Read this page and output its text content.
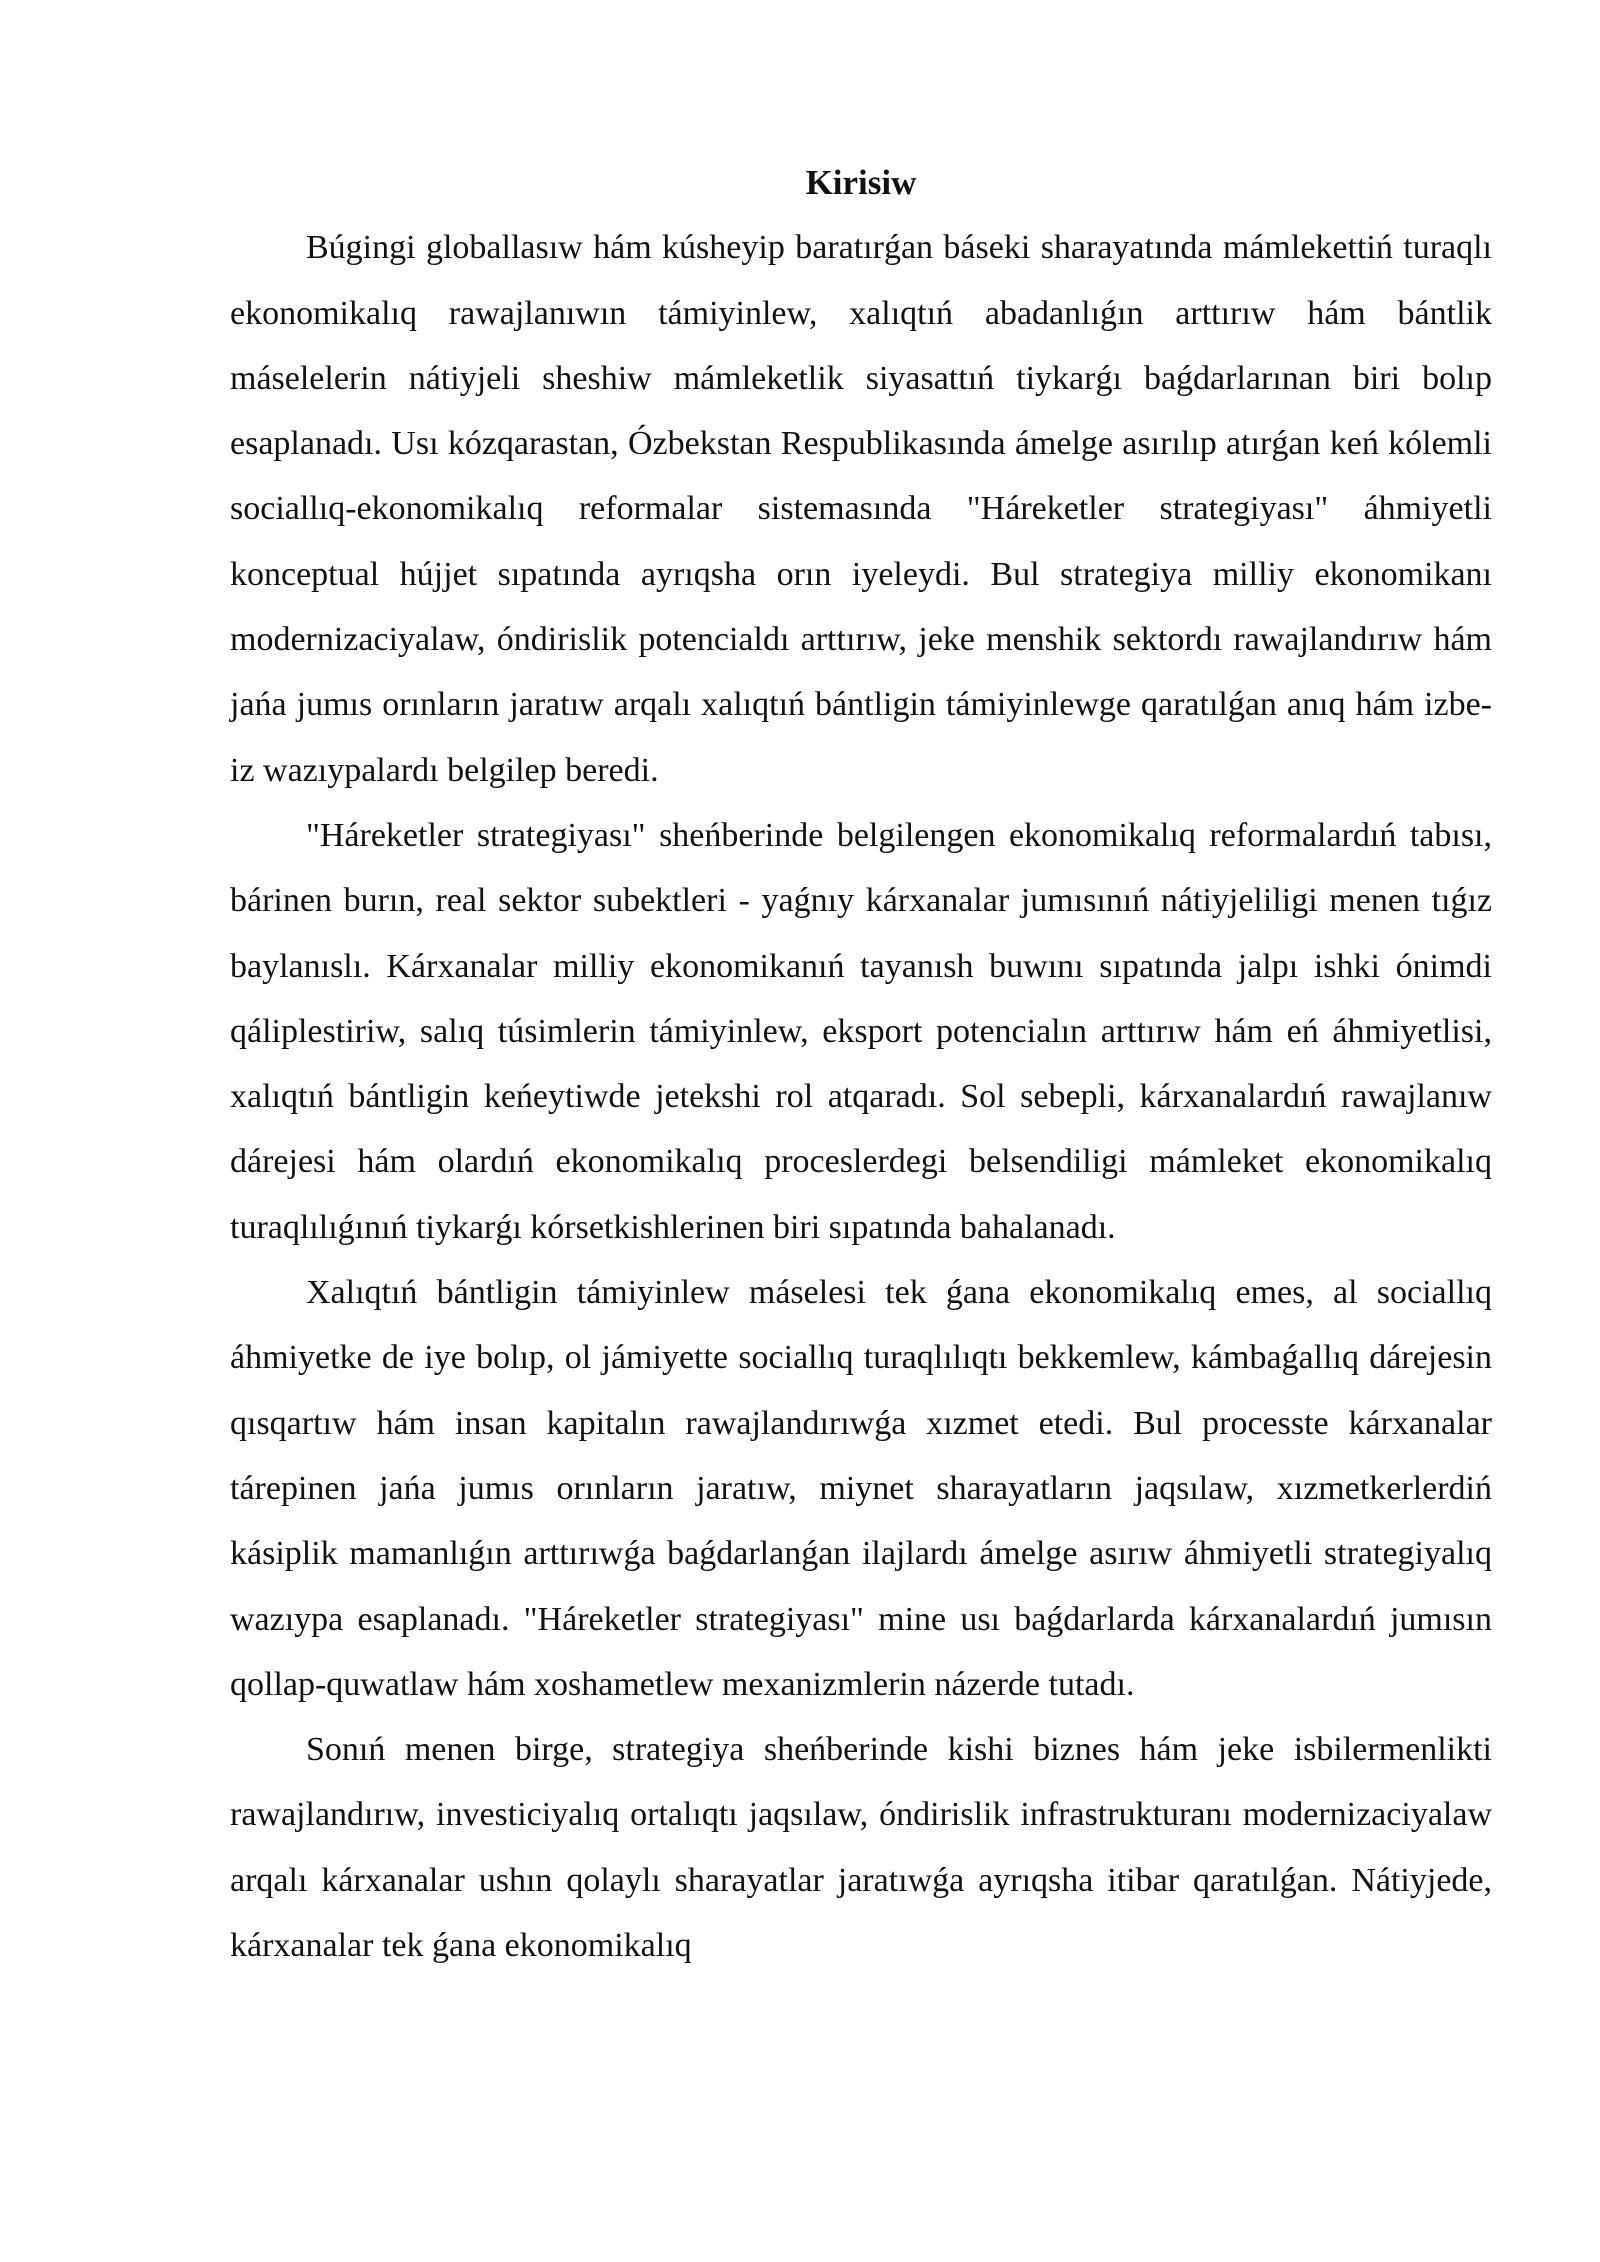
Kirisiw

Búgingi globallasıw hám kúsheyip baratırǵan báseki sharayatında mámlekettiń turaqlı ekonomikalıq rawajlanıwın támiyinlew, xalıqtıń abadanlıǵın arttırıw hám bántlik máselelerin nátiyjeli sheshiw mámleketlik siyasattıń tiykarǵı baǵdarlarınan biri bolıp esaplanadı. Usı kózqarastan, Ózbekstan Respublikasında ámelge asırılıp atırǵan keń kólemli sociallıq-ekonomikalıq reformalar sistemasında "Háreketler strategiyası" áhmiyetli konceptual hújjet sıpatında ayrıqsha orın iyeleydi. Bul strategiya milliy ekonomikanı modernizaciyalaw, óndirislik potencialdı arttırıw, jeke menshik sektordı rawajlandırıw hám jańa jumıs orınların jaratıw arqalı xalıqtıń bántligin támiyinlewge qaratılǵan anıq hám izbe-iz wazıypalardı belgilep beredi.

"Háreketler strategiyası" sheńberinde belgilengen ekonomikalıq reformalardıń tabısı, bárinen burın, real sektor subektleri - yaǵnıy kárxanalar jumısınıń nátiyjeliligi menen tıǵız baylanıslı. Kárxanalar milliy ekonomikanıń tayanısh buwını sıpatında jalpı ishki ónimdi qáliplestiriw, salıq túsimlerin támiyinlew, eksport potencialın arttırıw hám eń áhmiyetlisi, xalıqtıń bántligin keńeytiwde jetekshi rol atqaradı. Sol sebepli, kárxanalardıń rawajlanıw dárejesi hám olardıń ekonomikalıq proceslerdegi belsendiligi mámleket ekonomikalıq turaqlılıǵınıń tiykarǵı kórsetkishlerinen biri sıpatında bahalanadı.

Xalıqtıń bántligin támiyinlew máselesi tek ǵana ekonomikalıq emes, al sociallıq áhmiyetke de iye bolıp, ol jámiyette sociallıq turaqlılıqtı bekkemlew, kámbaǵallıq dárejesin qısqartıw hám insan kapitalın rawajlandırıwǵa xızmet etedi. Bul processte kárxanalar tárepinen jańa jumıs orınların jaratıw, miynet sharayatların jaqsılaw, xızmetkerlerdiń kásiplik mamanlıǵın arttırıwǵa baǵdarlanǵan ilajlardı ámelge asırıw áhmiyetli strategiyalıq wazıypa esaplanadı. "Háreketler strategiyası" mine usı baǵdarlarda kárxanalardıń jumısın qollap-quwatlaw hám xoshametlew mexanizmlerin názerde tutadı.

Sonıń menen birge, strategiya sheńberinde kishi biznes hám jeke isbilermenlikti rawajlandırıw, investiciyalıq ortalıqtı jaqsılaw, óndirislik infrastrukturanı modernizaciyalaw arqalı kárxanalar ushın qolaylı sharayatlar jaratıwǵa ayrıqsha itibar qaratılǵan. Nátiyjede, kárxanalar tek ǵana ekonomikalıq
